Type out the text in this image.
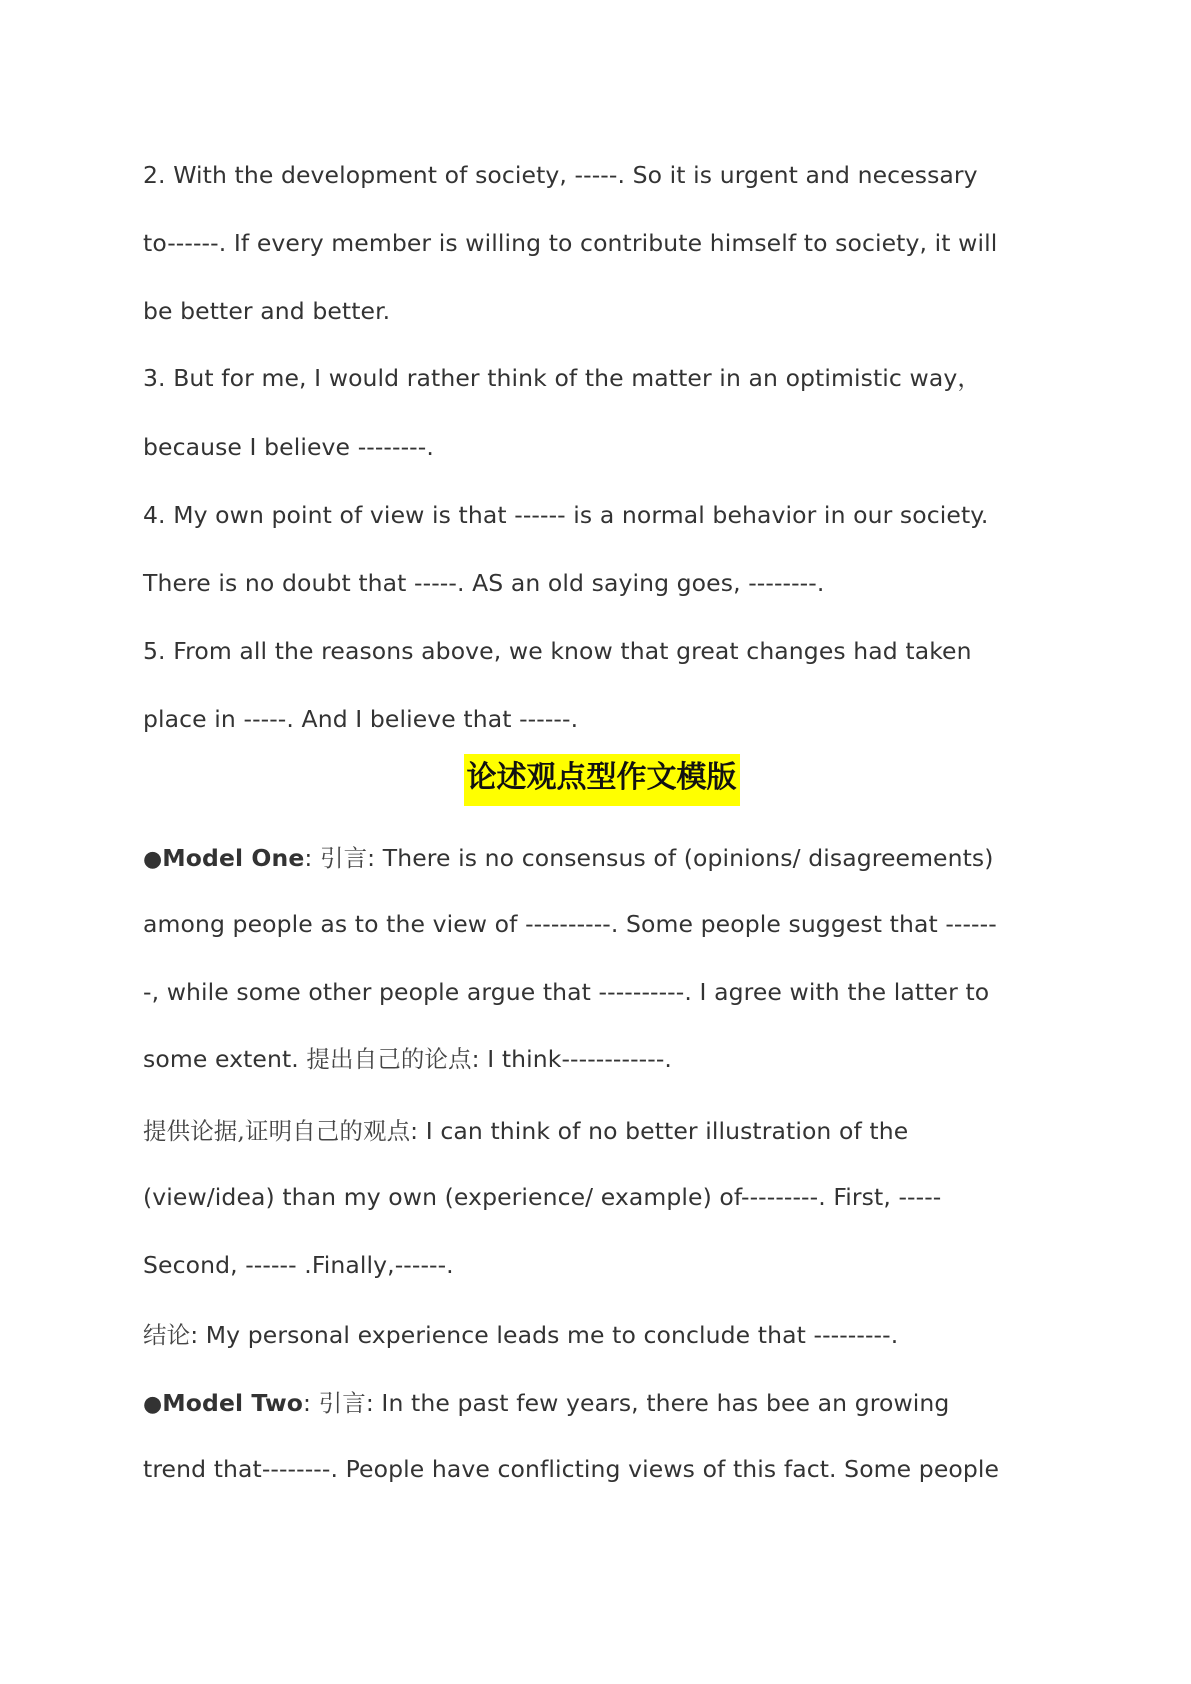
2. With the development of society, -----. So it is urgent and necessary
to------. If every member is willing to contribute himself to society, it will
be better and better.
3. But for me, I would rather think of the matter in an optimistic way，
because I believe --------.
4. My own point of view is that ------ is a normal behavior in our society.
There is no doubt that -----. AS an old saying goes, --------.
5. From all the reasons above, we know that great changes had taken
place in -----. And I believe that ------.
论述观点型作文模版
●Model One: 引言: There is no consensus of (opinions/ disagreements)
among people as to the view of ----------. Some people suggest that ------
-, while some other people argue that ----------. I agree with the latter to
some extent. 提出自己的论点: I think------------.
提供论据,证明自己的观点: I can think of no better illustration of the
(view/idea) than my own (experience/ example) of---------. First, -----
Second, ------ .Finally,------.
结论: My personal experience leads me to conclude that ---------.
●Model Two: 引言: In the past few years, there has bee an growing
trend that--------. People have conflicting views of this fact. Some people
